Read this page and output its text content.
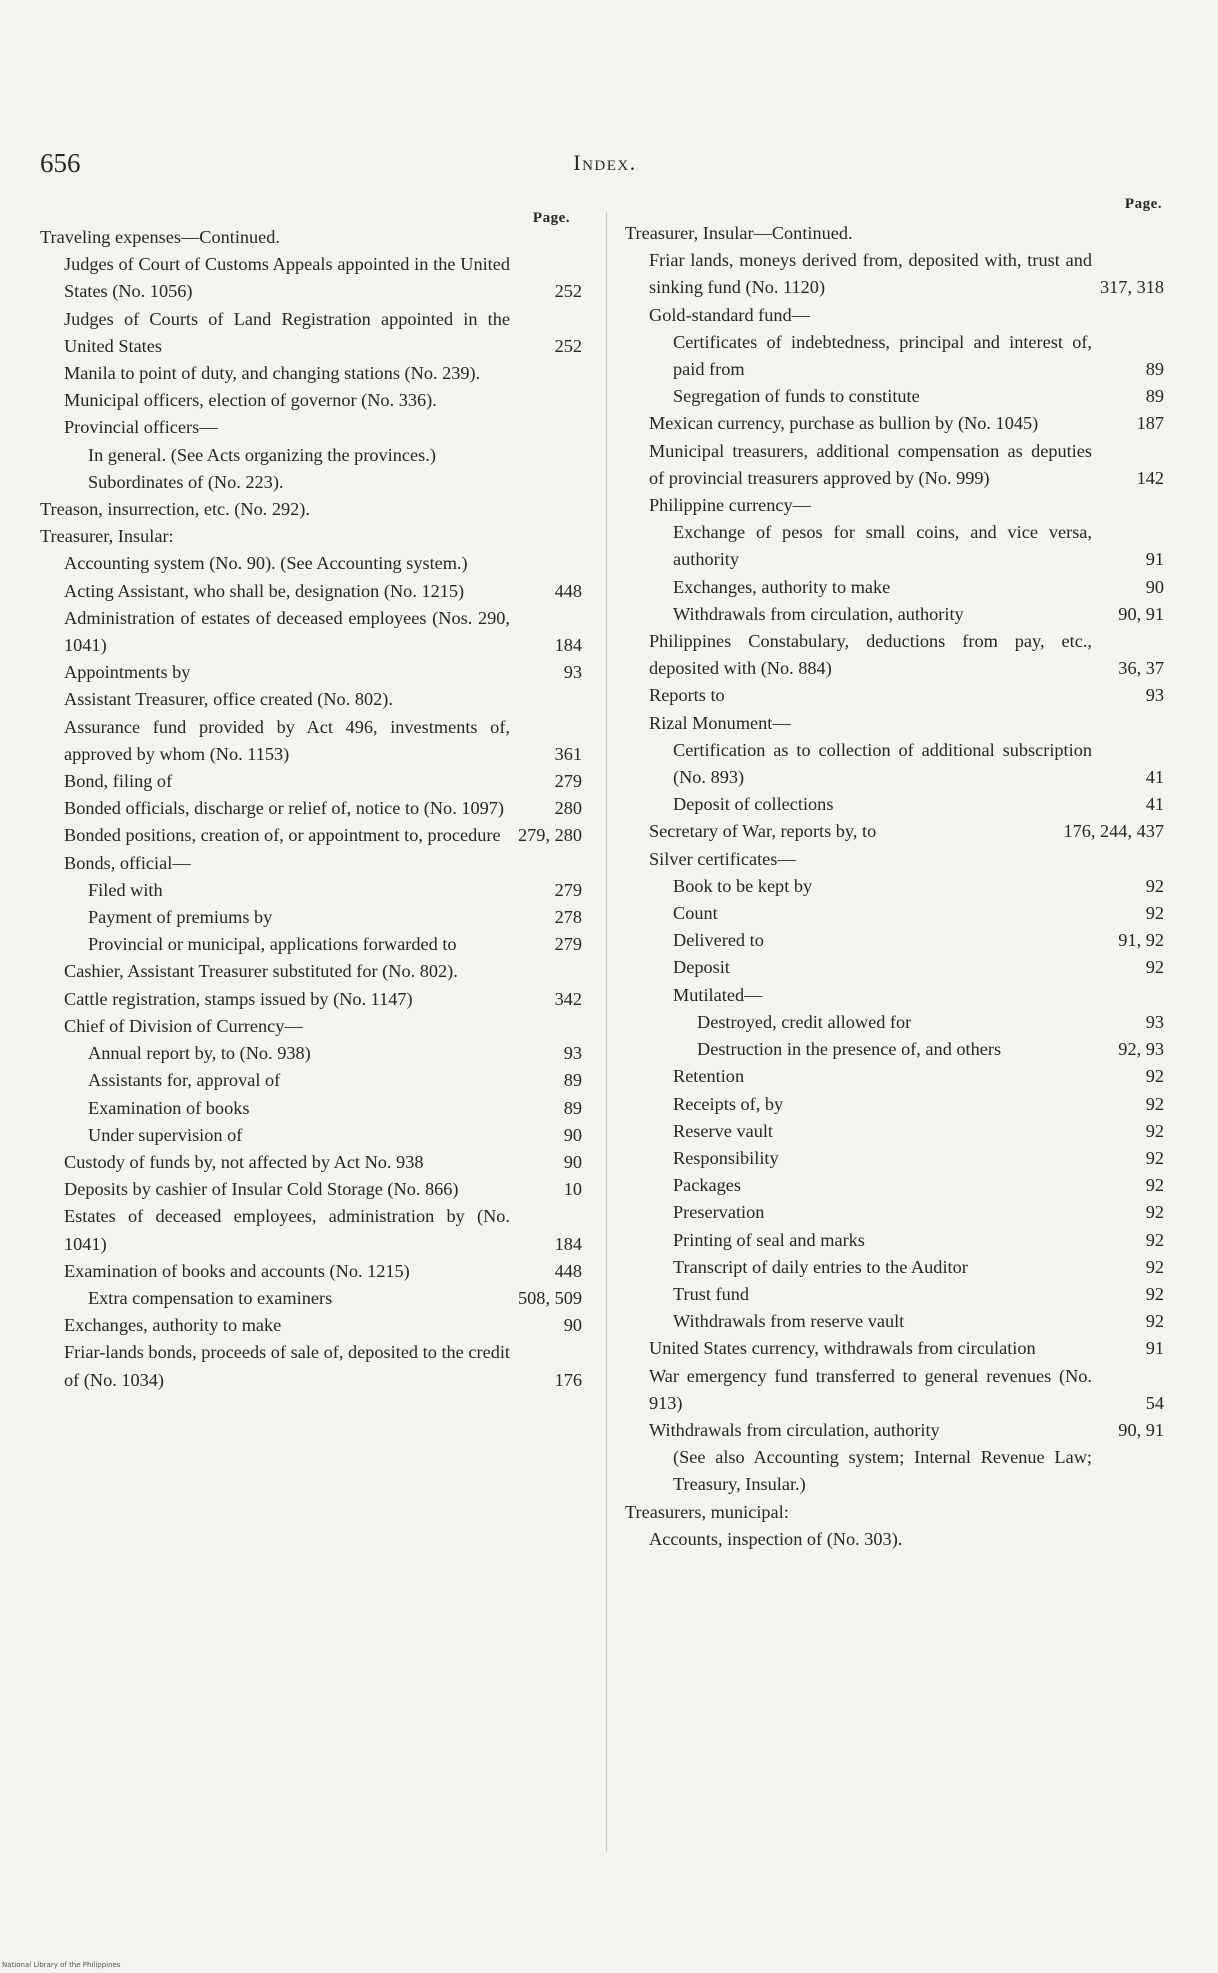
656	Index.
Page.
Traveling expenses—Continued.
Judges of Court of Customs Appeals appointed in the United States (No. 1056)	252
Judges of Courts of Land Registration appointed in the United States	252
Manila to point of duty, and changing stations (No. 239).
Municipal officers, election of governor (No. 336).
Provincial officers—
In general. (See Acts organizing the provinces.)
Subordinates of (No. 223).
Treason, insurrection, etc. (No. 292).
Treasurer, Insular:
Accounting system (No. 90). (See Accounting system.)
Acting Assistant, who shall be, designation (No. 1215)	448
Administration of estates of deceased employees (Nos. 290, 1041)	184
Appointments by	93
Assistant Treasurer, office created (No. 802).
Assurance fund provided by Act 496, investments of, approved by whom (No. 1153)	361
Bond, filing of	279
Bonded officials, discharge or relief of, notice to (No. 1097)	280
Bonded positions, creation of, or appointment to, procedure 279, 280
Bonds, official—
Filed with	279
Payment of premiums by	278
Provincial or municipal, applications forwarded to	279
Cashier, Assistant Treasurer substituted for (No. 802).
Cattle registration, stamps issued by (No. 1147)	342
Chief of Division of Currency—
Annual report by, to (No. 938)	93
Assistants for, approval of	89
Examination of books	89
Under supervision of	90
Custody of funds by, not affected by Act No. 938	90
Deposits by cashier of Insular Cold Storage (No. 866)	10
Estates of deceased employees, administration by (No. 1041)	184
Examination of books and accounts (No. 1215)	448
Extra compensation to examiners	508, 509
Exchanges, authority to make	90
Friar-lands bonds, proceeds of sale of, deposited to the credit of (No. 1034)	176
Page.
Treasurer, Insular—Continued.
Friar lands, moneys derived from, deposited with, trust and sinking fund (No. 1120)	317, 318
Gold-standard fund—
Certificates of indebtedness, principal and interest of, paid from	89
Segregation of funds to constitute	89
Mexican currency, purchase as bullion by (No. 1045)	187
Municipal treasurers, additional compensation as deputies of provincial treasurers approved by (No. 999)	142
Philippine currency—
Exchange of pesos for small coins, and vice versa, authority	91
Exchanges, authority to make	90
Withdrawals from circulation, authority	90, 91
Philippines Constabulary, deductions from pay, etc., deposited with (No. 884)	36, 37
Reports to	93
Rizal Monument—
Certification as to collection of additional subscription (No. 893)	41
Deposit of collections	41
Secretary of War, reports by, to	176, 244, 437
Silver certificates—
Book to be kept by	92
Count	92
Delivered to	91, 92
Deposit	92
Mutilated—
Destroyed, credit allowed for	93
Destruction in the presence of, and others	92, 93
Retention	92
Receipts of, by	92
Reserve vault	92
Responsibility	92
Packages	92
Preservation	92
Printing of seal and marks	92
Transcript of daily entries to the Auditor	92
Trust fund	92
Withdrawals from reserve vault	92
United States currency, withdrawals from circulation	91
War emergency fund transferred to general revenues (No. 913)	54
Withdrawals from circulation, authority	90, 91
(See also Accounting system; Internal Revenue Law; Treasury, Insular.)
Treasurers, municipal:
Accounts, inspection of (No. 303).
National Library of the Philippines
